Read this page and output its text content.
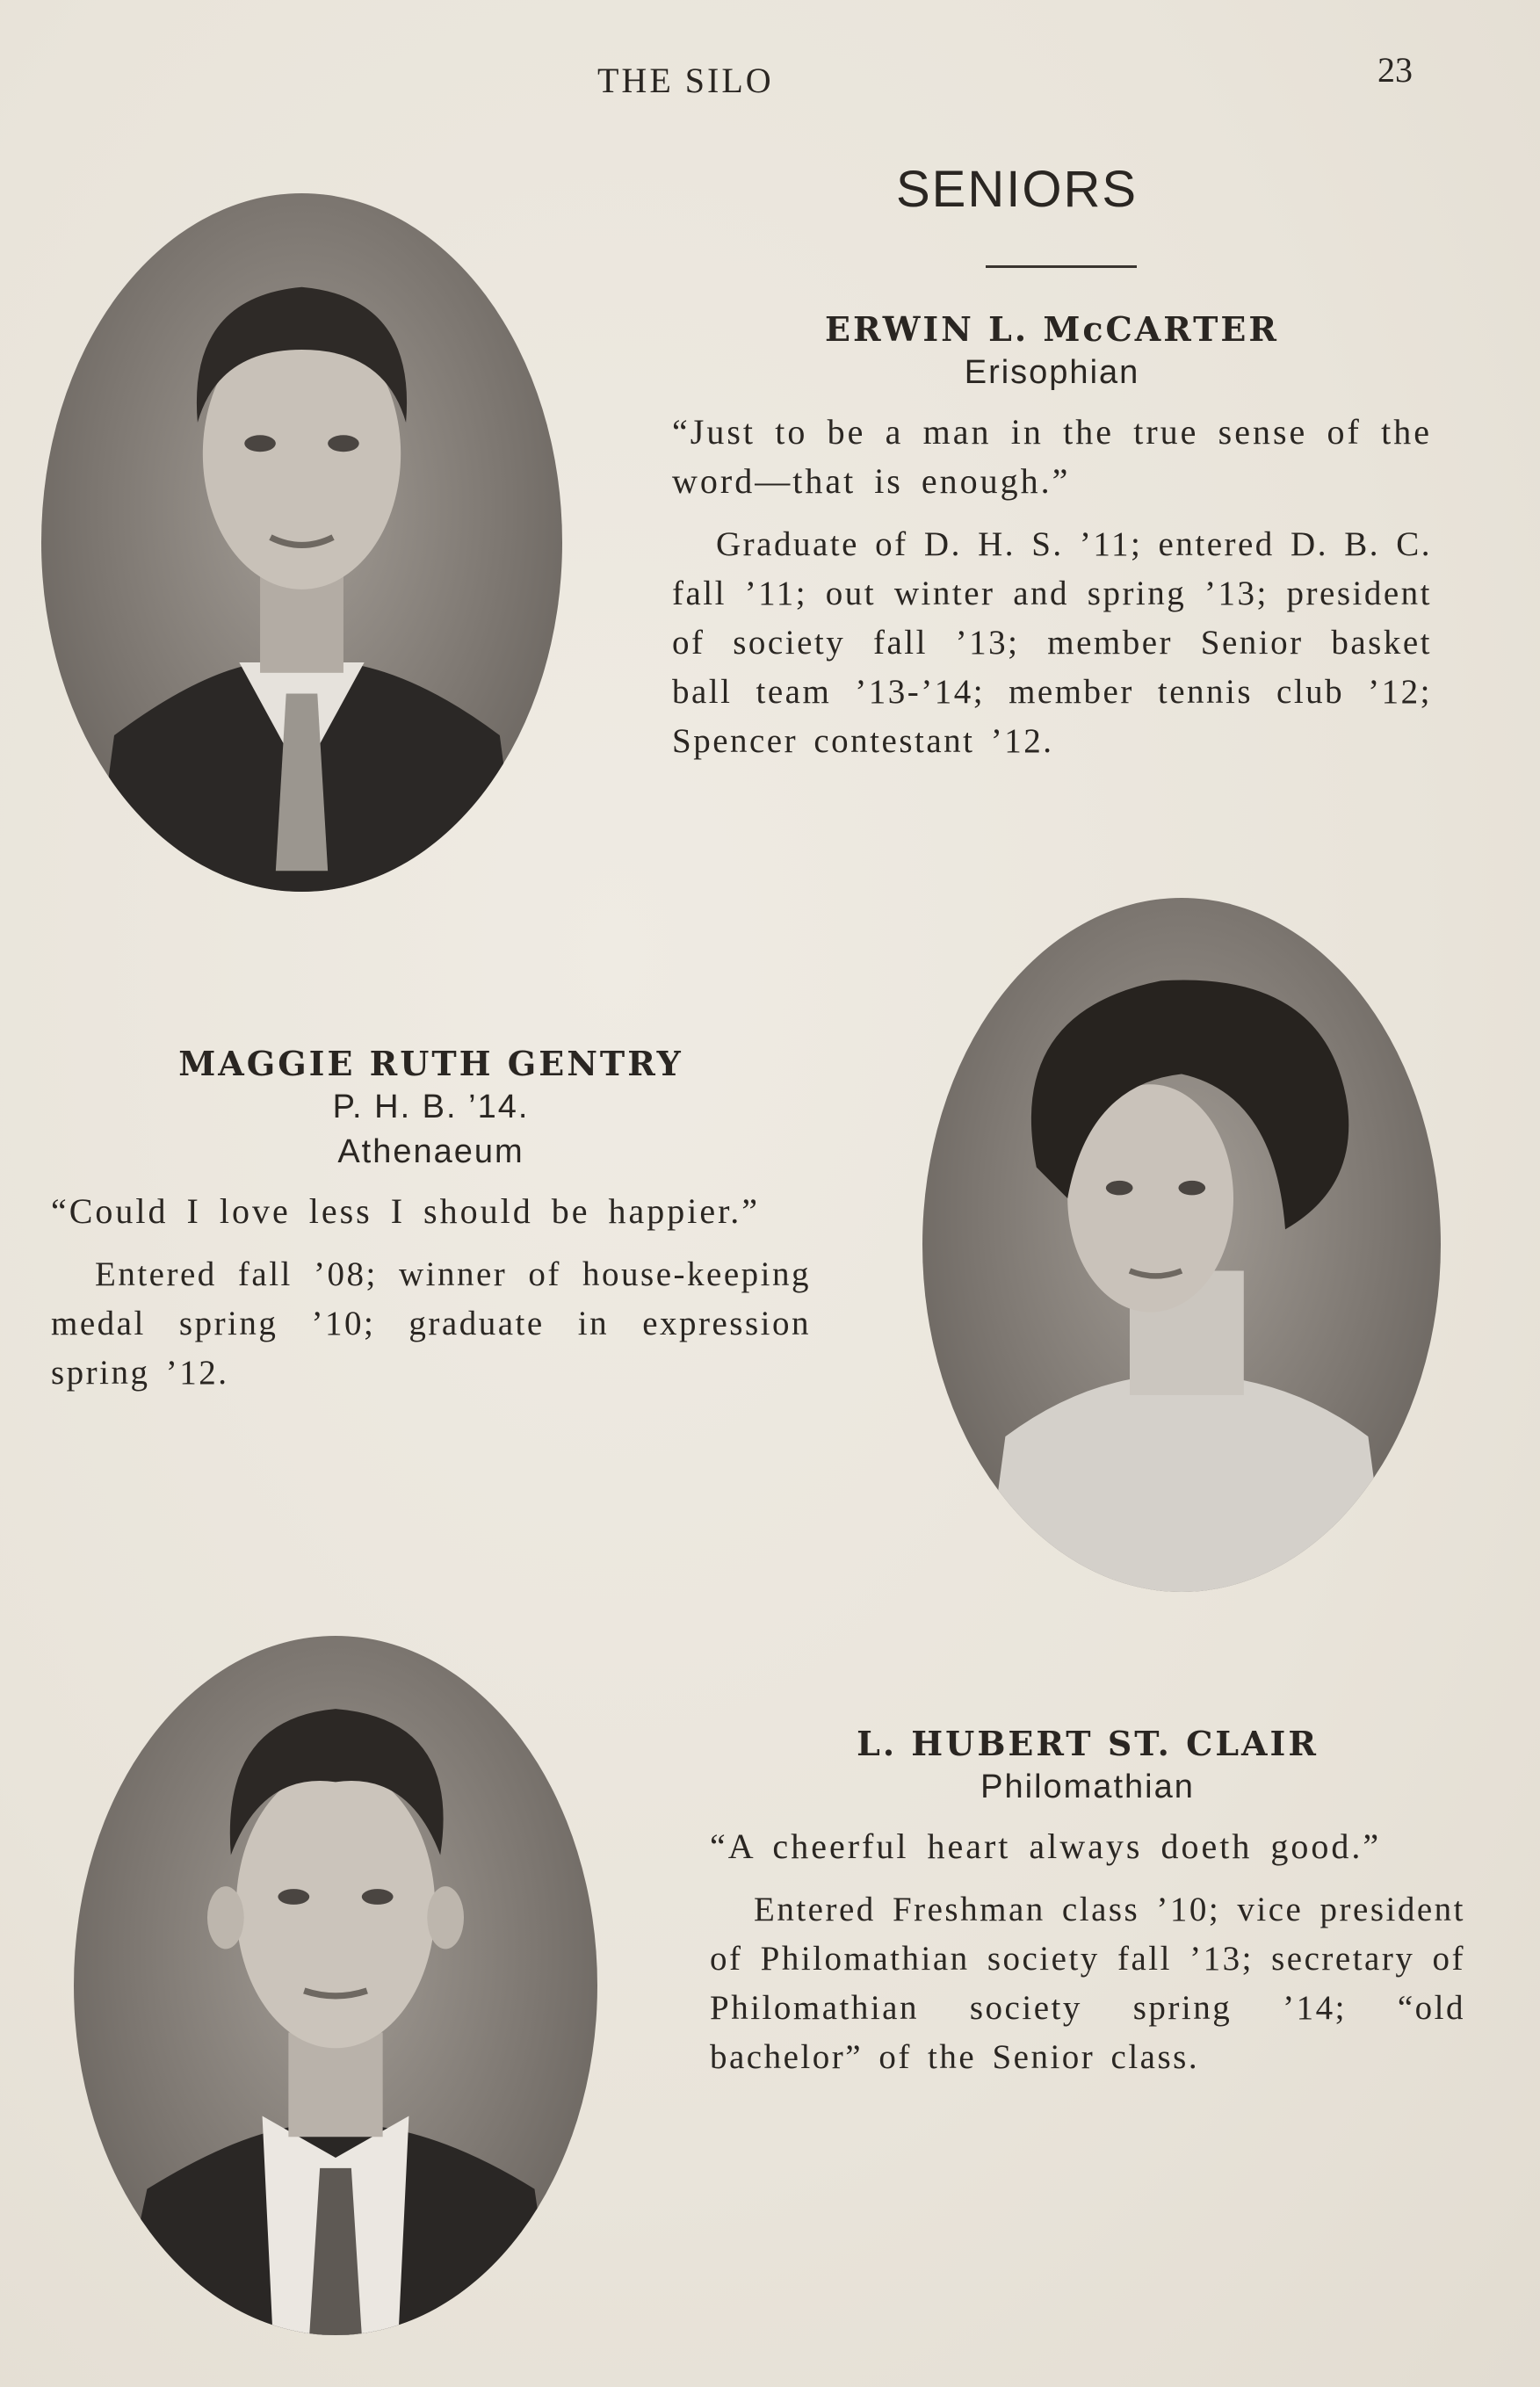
THE SILO	23
SENIORS
ERWIN L. McCARTER
Erisophian
“Just to be a man in the true sense of the word—that is enough.”
Graduate of D. H. S. ’11; entered D. B. C. fall ’11; out winter and spring ’13; president of society fall ’13; member Senior basket ball team ’13-’14; member tennis club ’12; Spencer contestant ’12.
MAGGIE RUTH GENTRY
P. H. B. ’14.
Athenaeum
“Could I love less I should be happier.”
Entered fall ’08; winner of house-keeping medal spring ’10; graduate in expression spring ’12.
L. HUBERT ST. CLAIR
Philomathian
“A cheerful heart always doeth good.”
Entered Freshman class ’10; vice president of Philomathian society fall ’13; secretary of Philomathian society spring ’14; “old bachelor” of the Senior class.
